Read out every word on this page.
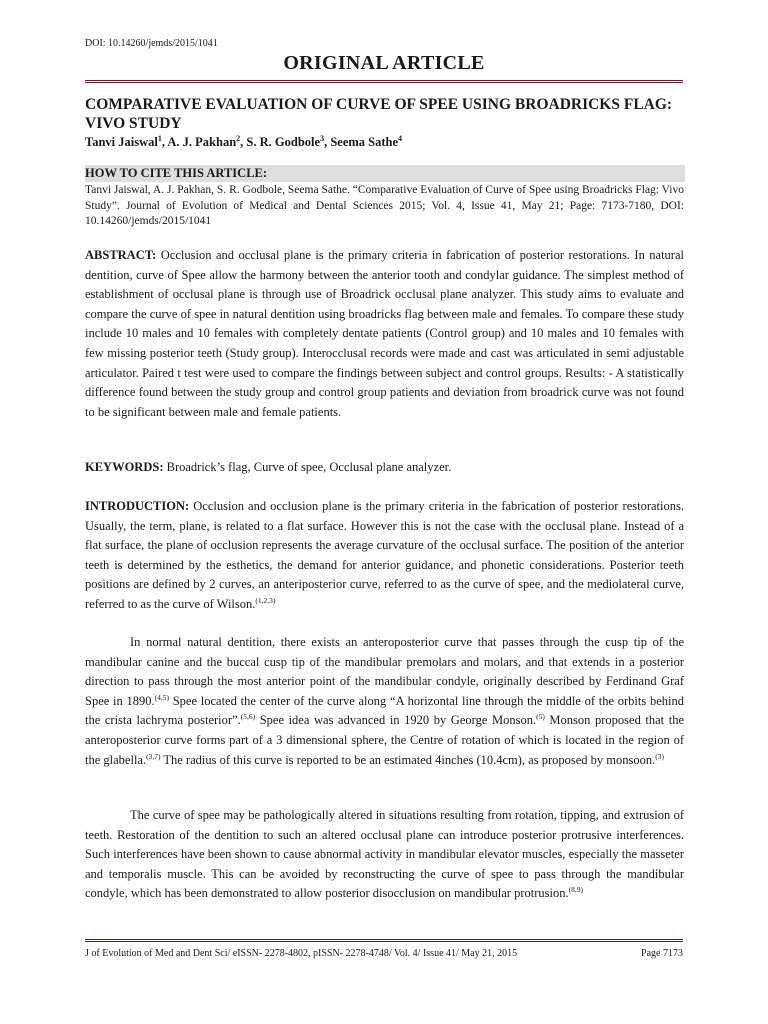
DOI: 10.14260/jemds/2015/1041
ORIGINAL ARTICLE
COMPARATIVE EVALUATION OF CURVE OF SPEE USING BROADRICKS FLAG: VIVO STUDY
Tanvi Jaiswal$^1$, A. J. Pakhan$^2$, S. R. Godbole$^3$, Seema Sathe$^4$
HOW TO CITE THIS ARTICLE:
Tanvi Jaiswal, A. J. Pakhan, S. R. Godbole, Seema Sathe. “Comparative Evaluation of Curve of Spee using Broadricks Flag: Vivo Study”. Journal of Evolution of Medical and Dental Sciences 2015; Vol. 4, Issue 41, May 21; Page: 7173-7180, DOI: 10.14260/jemds/2015/1041
ABSTRACT: Occlusion and occlusal plane is the primary criteria in fabrication of posterior restorations. In natural dentition, curve of Spee allow the harmony between the anterior tooth and condylar guidance. The simplest method of establishment of occlusal plane is through use of Broadrick occlusal plane analyzer. This study aims to evaluate and compare the curve of spee in natural dentition using broadricks flag between male and females. To compare these study include 10 males and 10 females with completely dentate patients (Control group) and 10 males and 10 females with few missing posterior teeth (Study group). Interocclusal records were made and cast was articulated in semi adjustable articulator. Paired t test were used to compare the findings between subject and control groups. Results: - A statistically difference found between the study group and control group patients and deviation from broadrick curve was not found to be significant between male and female patients.
KEYWORDS: Broadrick’s flag, Curve of spee, Occlusal plane analyzer.
INTRODUCTION: Occlusion and occlusion plane is the primary criteria in the fabrication of posterior restorations. Usually, the term, plane, is related to a flat surface. However this is not the case with the occlusal plane. Instead of a flat surface, the plane of occlusion represents the average curvature of the occlusal surface. The position of the anterior teeth is determined by the esthetics, the demand for anterior guidance, and phonetic considerations. Posterior teeth positions are defined by 2 curves, an anteriposterior curve, referred to as the curve of spee, and the mediolateral curve, referred to as the curve of Wilson.$^{(1,2,3)}$
In normal natural dentition, there exists an anteroposterior curve that passes through the cusp tip of the mandibular canine and the buccal cusp tip of the mandibular premolars and molars, and that extends in a posterior direction to pass through the most anterior point of the mandibular condyle, originally described by Ferdinand Graf Spee in 1890.$^{(4,5)}$ Spee located the center of the curve along “A horizontal line through the middle of the orbits behind the crista lachryma posterior”.$^{(5,6)}$ Spee idea was advanced in 1920 by George Monson.$^{(5)}$ Monson proposed that the anteroposterior curve forms part of a 3 dimensional sphere, the Centre of rotation of which is located in the region of the glabella.$^{(3,7)}$ The radius of this curve is reported to be an estimated 4inches (10.4cm), as proposed by monsoon.$^{(3)}$
The curve of spee may be pathologically altered in situations resulting from rotation, tipping, and extrusion of teeth. Restoration of the dentition to such an altered occlusal plane can introduce posterior protrusive interferences. Such interferences have been shown to cause abnormal activity in mandibular elevator muscles, especially the masseter and temporalis muscle. This can be avoided by reconstructing the curve of spee to pass through the mandibular condyle, which has been demonstrated to allow posterior disocclusion on mandibular protrusion.$^{(8,9)}$
J of Evolution of Med and Dent Sci/ eISSN- 2278-4802, pISSN- 2278-4748/ Vol. 4/ Issue 41/ May 21, 2015	Page 7173
